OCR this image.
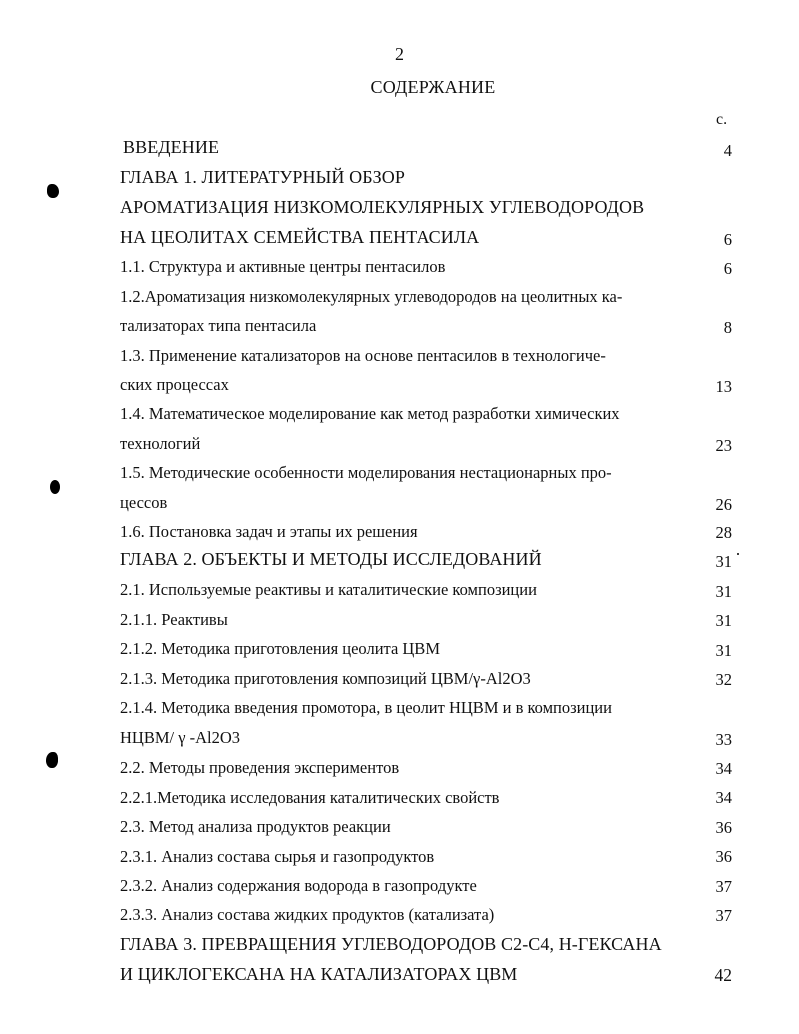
2
СОДЕРЖАНИЕ
с.
ВВЕДЕНИЕ	4
ГЛАВА 1. ЛИТЕРАТУРНЫЙ ОБЗОР
АРОМАТИЗАЦИЯ НИЗКОМОЛЕКУЛЯРНЫХ УГЛЕВОДОРОДОВ
НА ЦЕОЛИТАХ СЕМЕЙСТВА ПЕНТАСИЛА	6
1.1. Структура и активные центры пентасилов	6
1.2.Ароматизация низкомолекулярных углеводородов на цеолитных ка-
тализаторах типа пентасила	8
1.3. Применение катализаторов на основе пентасилов в технологиче-
ских процессах	13
1.4. Математическое моделирование как метод разработки химических
технологий	23
1.5. Методические особенности моделирования нестационарных про-
цессов	26
1.6. Постановка задач и этапы их решения	28
ГЛАВА 2. ОБЪЕКТЫ И МЕТОДЫ ИССЛЕДОВАНИЙ	31
2.1. Используемые реактивы и каталитические композиции	31
2.1.1. Реактивы	31
2.1.2. Методика приготовления цеолита ЦВМ	31
2.1.3. Методика приготовления композиций ЦВМ/γ-Al2O3	32
2.1.4. Методика введения промотора, в цеолит НЦВМ и в композиции
НЦВМ/ γ -Al2O3	33
2.2. Методы проведения экспериментов	34
2.2.1.Методика исследования каталитических свойств	34
2.3. Метод анализа продуктов реакции	36
2.3.1. Анализ состава сырья и газопродуктов	36
2.3.2. Анализ содержания водорода в газопродукте	37
2.3.3. Анализ состава жидких продуктов (катализата)	37
ГЛАВА 3. ПРЕВРАЩЕНИЯ УГЛЕВОДОРОДОВ C2-C4, Н-ГЕКСАНА
И ЦИКЛОГЕКСАНА НА КАТАЛИЗАТОРАХ ЦВМ	42
